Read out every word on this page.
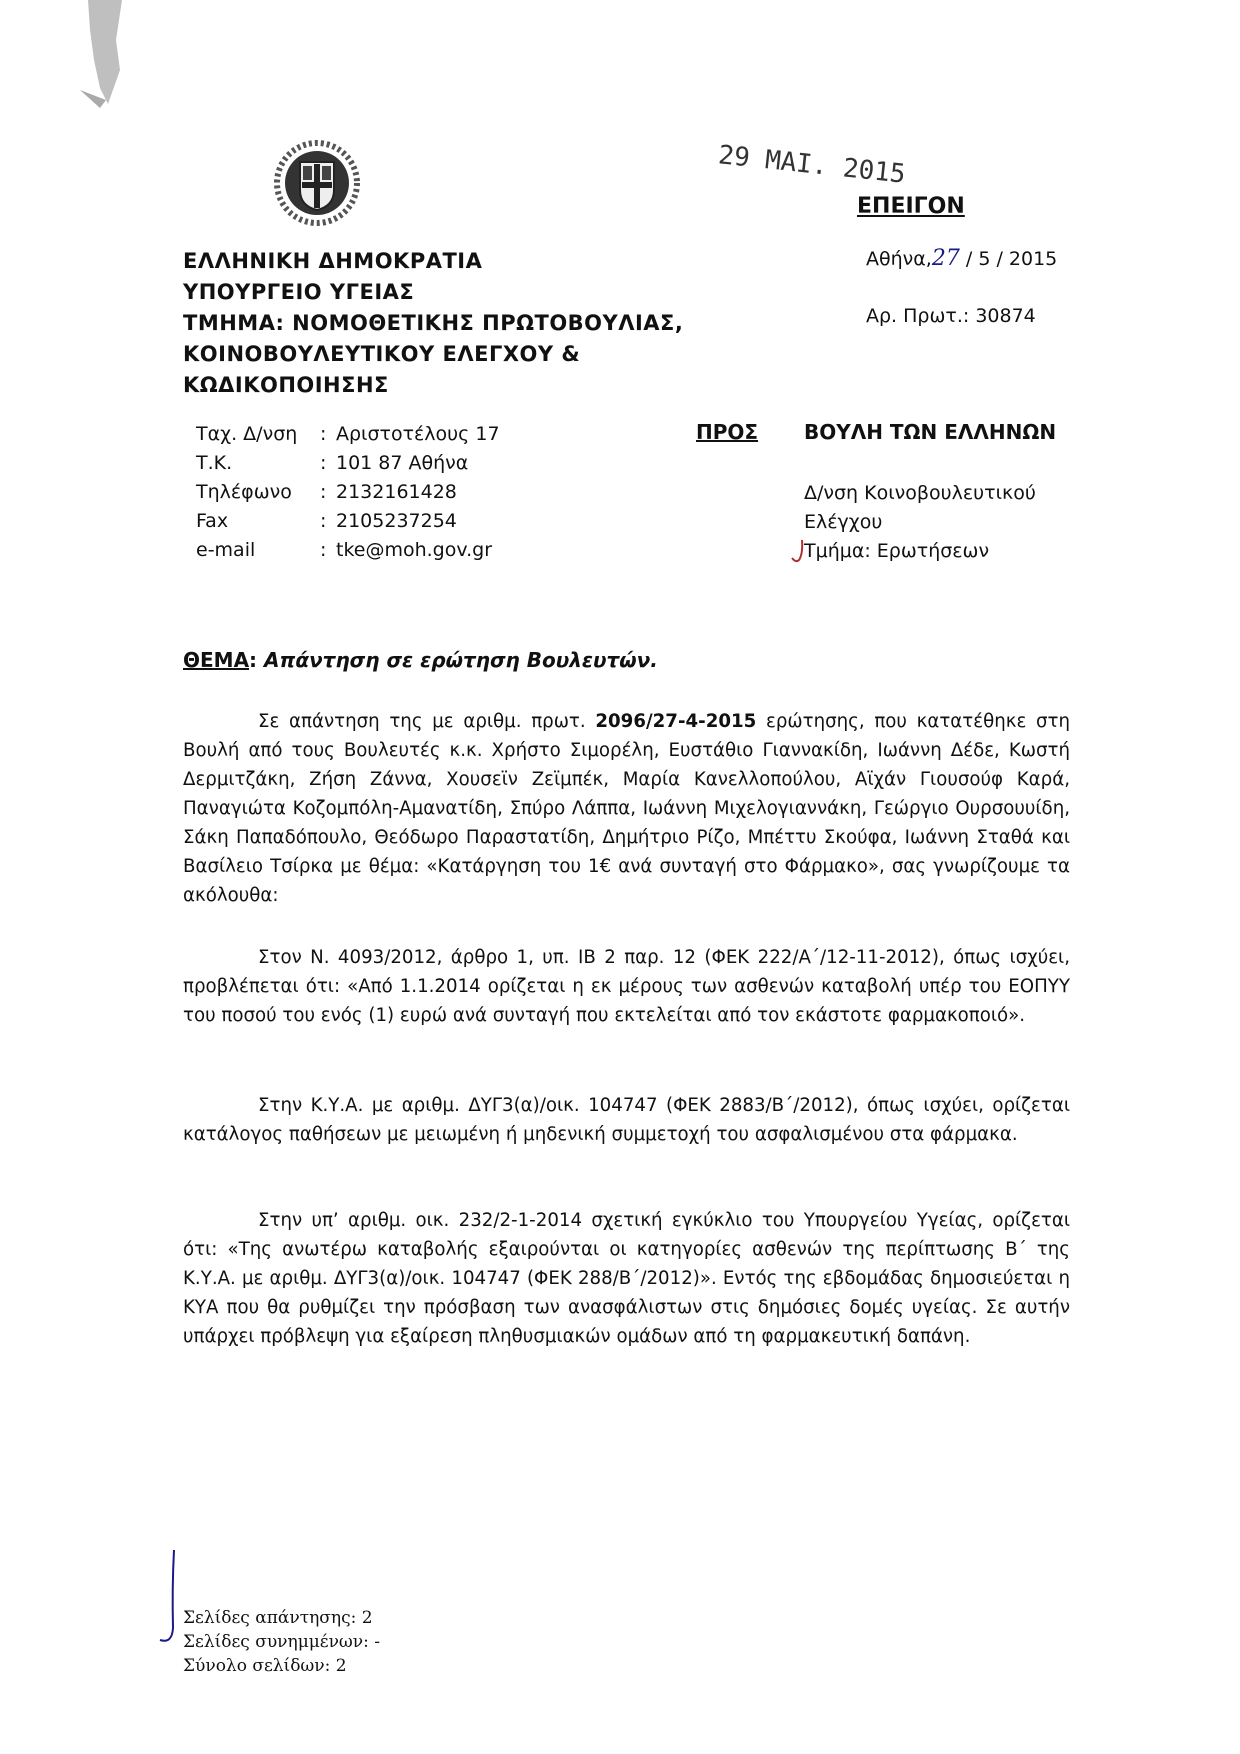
29 ΜΑΙ. 2015
ΕΠΕΙΓΟΝ
ΕΛΛΗΝΙΚΗ ΔΗΜΟΚΡΑΤΙΑ
ΥΠΟΥΡΓΕΙΟ ΥΓΕΙΑΣ
ΤΜΗΜΑ: ΝΟΜΟΘΕΤΙΚΗΣ ΠΡΩΤΟΒΟΥΛΙΑΣ,
ΚΟΙΝΟΒΟΥΛΕΥΤΙΚΟΥ ΕΛΕΓΧΟΥ &
ΚΩΔΙΚΟΠΟΙΗΣΗΣ
Αθήνα,27 / 5 / 2015
Αρ. Πρωτ.: 30874
Ταχ. Δ/νση	: Αριστοτέλους 17
Τ.Κ.	: 101 87 Αθήνα
Τηλέφωνο	: 2132161428
Fax	: 2105237254
e-mail	: tke@moh.gov.gr
ΠΡΟΣ ΒΟΥΛΗ ΤΩΝ ΕΛΛΗΝΩΝ
Δ/νση Κοινοβουλευτικού
Ελέγχου
Τμήμα: Ερωτήσεων
ΘΕΜΑ: Απάντηση σε ερώτηση Βουλευτών.
Σε απάντηση της με αριθμ. πρωτ. 2096/27-4-2015 ερώτησης, που κατατέθηκε στη Βουλή από τους Βουλευτές κ.κ. Χρήστο Σιμορέλη, Ευστάθιο Γιαννακίδη, Ιωάννη Δέδε, Κωστή Δερμιτζάκη, Ζήση Ζάννα, Χουσεϊν Ζεϊμπέκ, Μαρία Κανελλοπούλου, Αϊχάν Γιουσούφ Καρά, Παναγιώτα Κοζομπόλη-Αμανατίδη, Σπύρο Λάππα, Ιωάννη Μιχελογιαννάκη, Γεώργιο Ουρσουυίδη, Σάκη Παπαδόπουλο, Θεόδωρο Παραστατίδη, Δημήτριο Ρίζο, Μπέττυ Σκούφα, Ιωάννη Σταθά και Βασίλειο Τσίρκα με θέμα: «Κατάργηση του 1€ ανά συνταγή στο Φάρμακο», σας γνωρίζουμε τα ακόλουθα:
Στον Ν. 4093/2012, άρθρο 1, υπ. ΙΒ 2 παρ. 12 (ΦΕΚ 222/Α΄/12-11-2012), όπως ισχύει, προβλέπεται ότι: «Από 1.1.2014 ορίζεται η εκ μέρους των ασθενών καταβολή υπέρ του ΕΟΠΥΥ του ποσού του ενός (1) ευρώ ανά συνταγή που εκτελείται από τον εκάστοτε φαρμακοποιό».
Στην Κ.Υ.Α. με αριθμ. ΔΥΓ3(α)/οικ. 104747 (ΦΕΚ 2883/Β΄/2012), όπως ισχύει, ορίζεται κατάλογος παθήσεων με μειωμένη ή μηδενική συμμετοχή του ασφαλισμένου στα φάρμακα.
Στην υπ’ αριθμ. οικ. 232/2-1-2014 σχετική εγκύκλιο του Υπουργείου Υγείας, ορίζεται ότι: «Της ανωτέρω καταβολής εξαιρούνται οι κατηγορίες ασθενών της περίπτωσης Β΄ της Κ.Υ.Α. με αριθμ. ΔΥΓ3(α)/οικ. 104747 (ΦΕΚ 288/Β΄/2012)». Εντός της εβδομάδας δημοσιεύεται η ΚΥΑ που θα ρυθμίζει την πρόσβαση των ανασφάλιστων στις δημόσιες δομές υγείας. Σε αυτήν υπάρχει πρόβλεψη για εξαίρεση πληθυσμιακών ομάδων από τη φαρμακευτική δαπάνη.
Σελίδες απάντησης: 2
Σελίδες συνημμένων: -
Σύνολο σελίδων: 2
